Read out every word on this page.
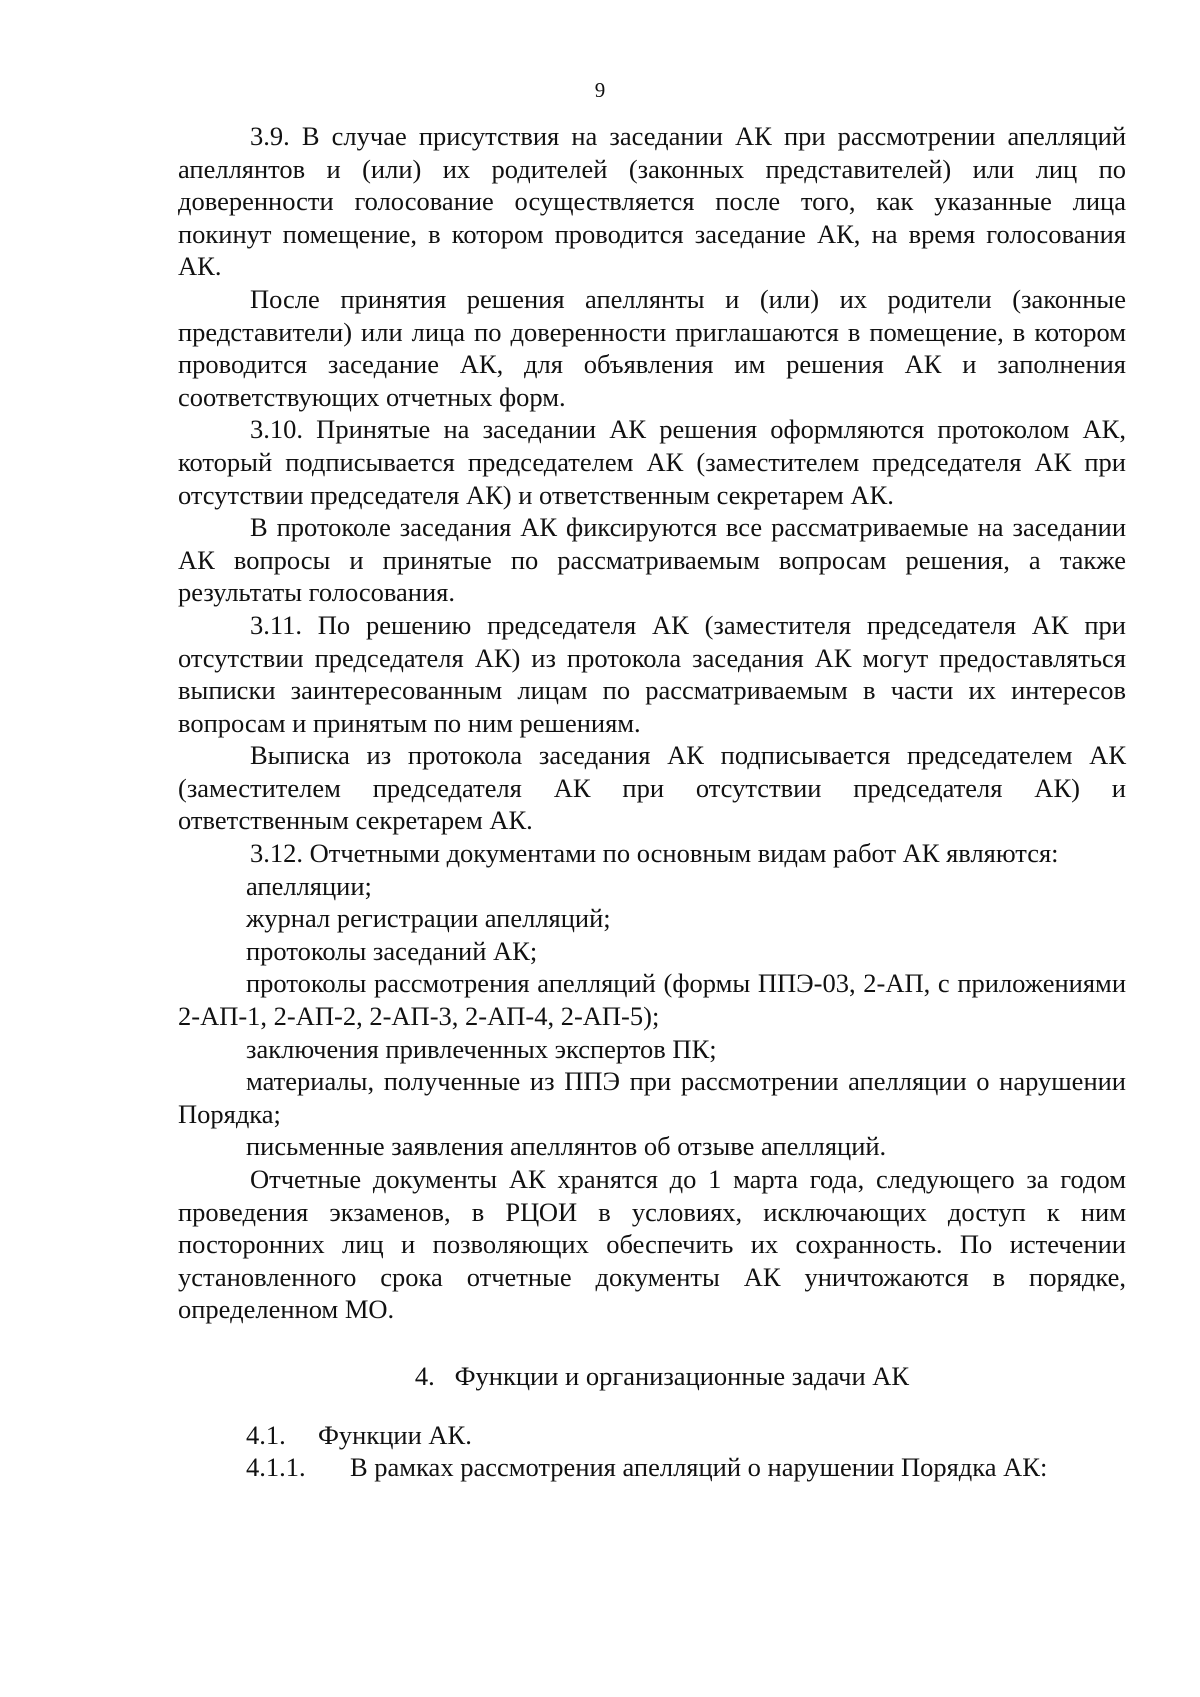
9

3.9. В случае присутствия на заседании АК при рассмотрении апелляций апеллянтов и (или) их родителей (законных представителей) или лиц по доверенности голосование осуществляется после того, как указанные лица покинут помещение, в котором проводится заседание АК, на время голосования АК.

После принятия решения апеллянты и (или) их родители (законные представители) или лица по доверенности приглашаются в помещение, в котором проводится заседание АК, для объявления им решения АК и заполнения соответствующих отчетных форм.

3.10. Принятые на заседании АК решения оформляются протоколом АК, который подписывается председателем АК (заместителем председателя АК при отсутствии председателя АК) и ответственным секретарем АК.

В протоколе заседания АК фиксируются все рассматриваемые на заседании АК вопросы и принятые по рассматриваемым вопросам решения, а также результаты голосования.

3.11. По решению председателя АК (заместителя председателя АК при отсутствии председателя АК) из протокола заседания АК могут предоставляться выписки заинтересованным лицам по рассматриваемым в части их интересов вопросам и принятым по ним решениям.

Выписка из протокола заседания АК подписывается председателем АК (заместителем председателя АК при отсутствии председателя АК) и ответственным секретарем АК.

3.12. Отчетными документами по основным видам работ АК являются:

апелляции;

журнал регистрации апелляций;

протоколы заседаний АК;

протоколы рассмотрения апелляций (формы ППЭ-03, 2-АП, с приложениями 2-АП-1, 2-АП-2, 2-АП-3, 2-АП-4, 2-АП-5);

заключения привлеченных экспертов ПК;

материалы, полученные из ППЭ при рассмотрении апелляции о нарушении Порядка;

письменные заявления апеллянтов об отзыве апелляций.

Отчетные документы АК хранятся до 1 марта года, следующего за годом проведения экзаменов, в РЦОИ в условиях, исключающих доступ к ним посторонних лиц и позволяющих обеспечить их сохранность. По истечении установленного срока отчетные документы АК уничтожаются в порядке, определенном МО.

4. Функции и организационные задачи АК

4.1. Функции АК.

4.1.1. В рамках рассмотрения апелляций о нарушении Порядка АК:
